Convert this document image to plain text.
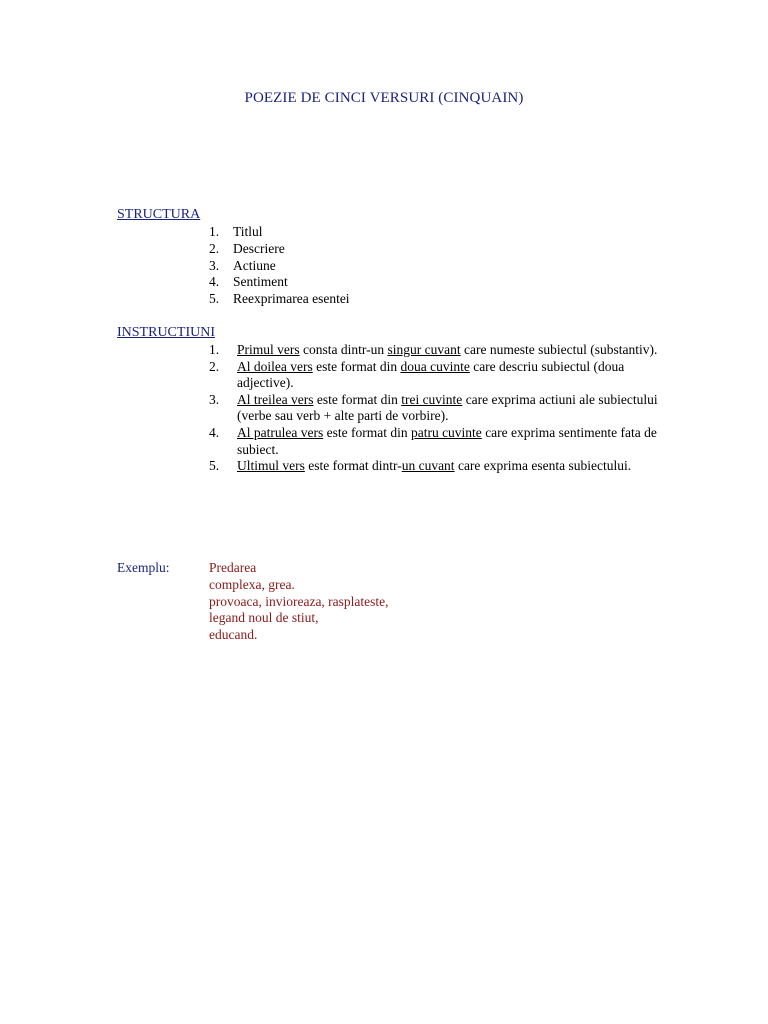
POEZIE DE CINCI VERSURI (CINQUAIN)
STRUCTURA
1. Titlul
2. Descriere
3. Actiune
4. Sentiment
5. Reexprimarea esentei
INSTRUCTIUNI
1. Primul vers consta dintr-un singur cuvant care numeste subiectul (substantiv).
2. Al doilea vers este format din doua cuvinte care descriu subiectul (doua adjective).
3. Al treilea vers este format din trei cuvinte care exprima actiuni ale subiectului (verbe sau verb + alte parti de vorbire).
4. Al patrulea vers este format din patru cuvinte care exprima sentimente fata de subiect.
5. Ultimul vers este format dintr-un cuvant care exprima esenta subiectului.
Exemplu:	Predarea
complexa, grea.
provoaca, invioreaza, rasplateste,
legand noul de stiut,
educand.
